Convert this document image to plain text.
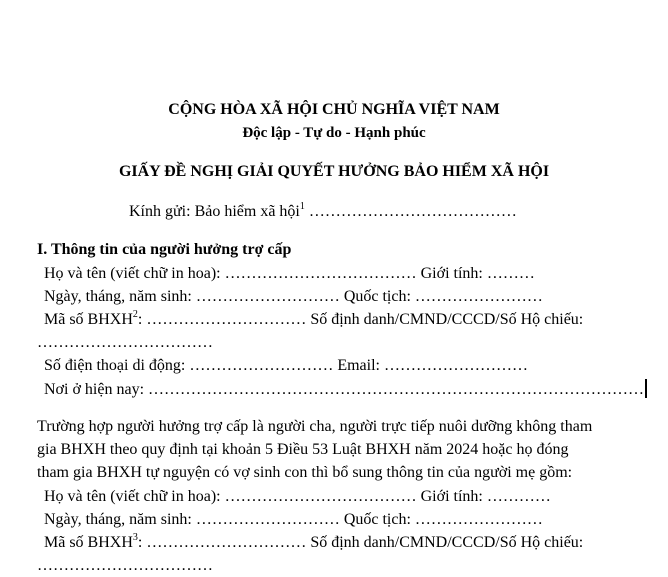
CỘNG HÒA XÃ HỘI CHỦ NGHĨA VIỆT NAM
Độc lập - Tự do - Hạnh phúc
GIẤY ĐỀ NGHỊ GIẢI QUYẾT HƯỞNG BẢO HIỂM XÃ HỘI
Kính gửi: Bảo hiểm xã hội$^1$ …………………………………
I. Thông tin của người hưởng trợ cấp
Họ và tên (viết chữ in hoa): ……………………………… Giới tính: ………
Ngày, tháng, năm sinh: ……………………… Quốc tịch: ……………………
Mã số BHXH$^2$: ………………………… Số định danh/CMND/CCCD/Số Hộ chiếu:
……………………………
Số điện thoại di động: ……………………… Email: ………………………
Nơi ở hiện nay: …………………………………………………………………………………
Trường hợp người hưởng trợ cấp là người cha, người trực tiếp nuôi dưỡng không tham
gia BHXH theo quy định tại khoản 5 Điều 53 Luật BHXH năm 2024 hoặc họ đóng
tham gia BHXH tự nguyện có vợ sinh con thì bổ sung thông tin của người mẹ gồm:
Họ và tên (viết chữ in hoa): ……………………………… Giới tính: …………
Ngày, tháng, năm sinh: ……………………… Quốc tịch: ……………………
Mã số BHXH$^3$: ………………………… Số định danh/CMND/CCCD/Số Hộ chiếu:
……………………………
